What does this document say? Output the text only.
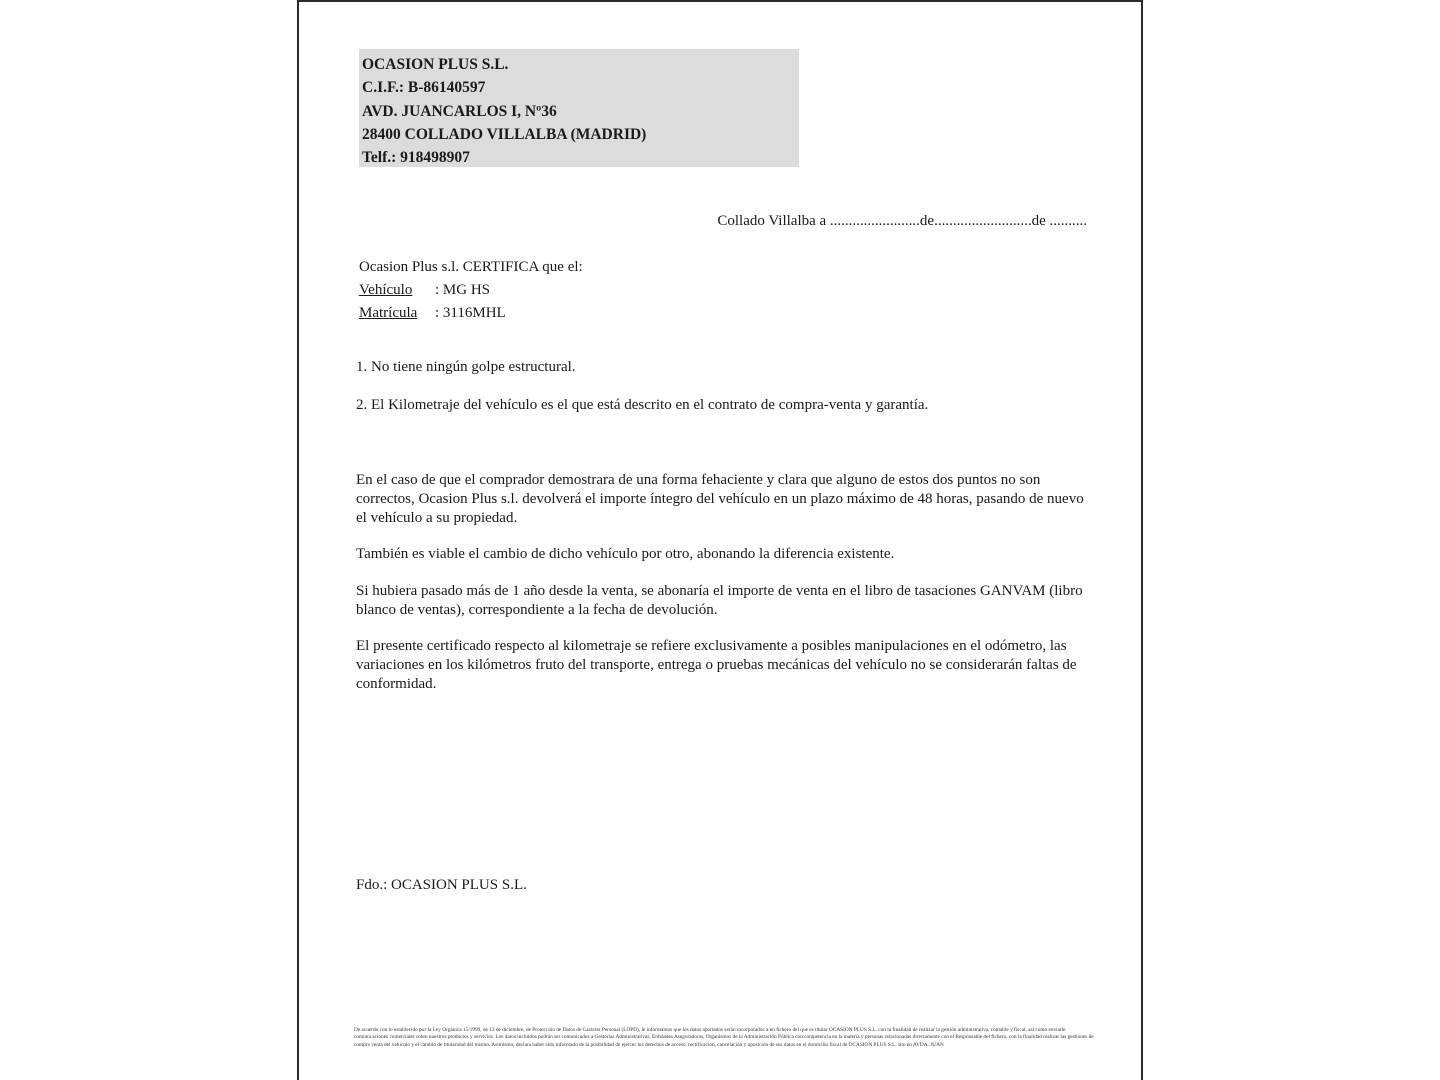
OCASION PLUS S.L.
C.I.F.: B-86140597
AVD. JUANCARLOS I, Nº36
28400 COLLADO VILLALBA (MADRID)
Telf.: 918498907
Collado Villalba a ........................de..........................de ..........
Ocasion Plus s.l. CERTIFICA que el:
Vehículo : MG HS
Matrícula : 3116MHL
1. No tiene ningún golpe estructural.
2. El Kilometraje del vehículo es el que está descrito en el contrato de compra-venta y garantía.
En el caso de que el comprador demostrara de una forma fehaciente y clara que alguno de estos dos puntos no son correctos, Ocasion Plus s.l. devolverá el importe íntegro del vehículo en un plazo máximo de 48 horas, pasando de nuevo el vehículo a su propiedad.
También es viable el cambio de dicho vehículo por otro, abonando la diferencia existente.
Si hubiera pasado más de 1 año desde la venta, se abonaría el importe de venta en el libro de tasaciones GANVAM (libro blanco de ventas), correspondiente a la fecha de devolución.
El presente certificado respecto al kilometraje se refiere exclusivamente a posibles manipulaciones en el odómetro, las variaciones en los kilómetros fruto del transporte, entrega o pruebas mecánicas del vehículo no se considerarán faltas de conformidad.
Fdo.: OCASION PLUS S.L.
De acuerdo con lo establecido por la Ley Orgánica 15/1999, de 13 de diciembre, de Protección de Datos de Carácter Personal (LOPD), le informamos que los datos aportados serán incorporados a un fichero del que es titular OCASION PLUS S.L. con la finalidad de realizar la gestión administrativa, contable y fiscal, así como enviarle comunicaciones comerciales sobre nuestros productos y servicios. Los datos incluidos podrán ser comunicados a Gestorías Administrativas, Entidades Aseguradoras, Organismos de la Administración Pública con competencia en la materia y personas relacionadas directamente con el Responsable del fichero, con la finalidad realizar las gestiones de compra venta del vehículo y el cambio de titularidad del mismo. Asimismo, declara haber sido informado de la posibilidad de ejercer los derechos de acceso, rectificación, cancelación y oposición de sus datos en el domicilio fiscal de OCASION PLUS S.L. sito en AVDA. JUAN
